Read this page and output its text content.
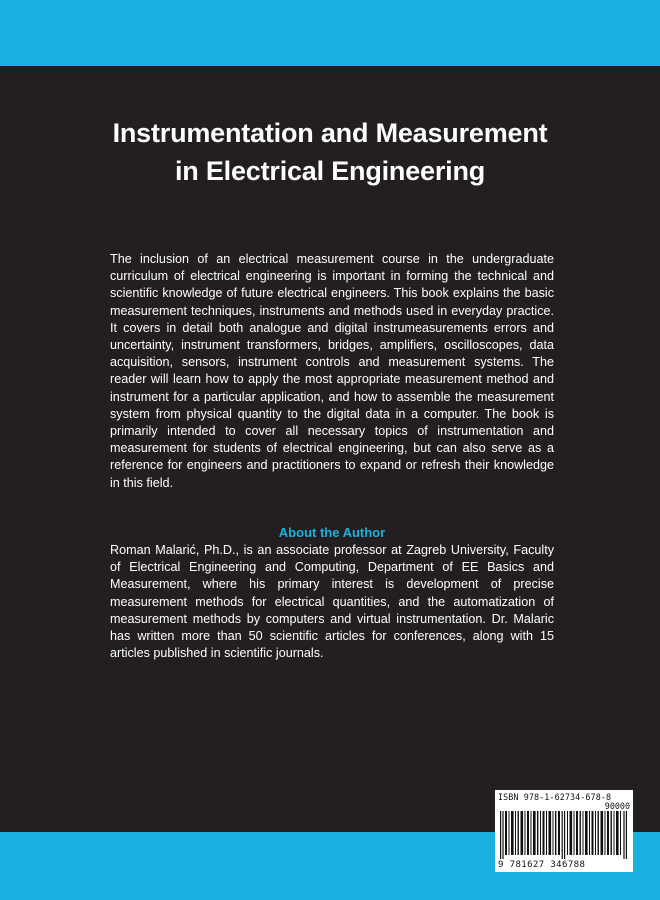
Instrumentation and Measurement
in Electrical Engineering

The inclusion of an electrical measurement course in the undergraduate curriculum of electrical engineering is important in forming the technical and scientific knowledge of future electrical engineers. This book explains the basic measurement techniques, instruments and methods used in everyday practice. It covers in detail both analogue and digital instrumeasurements errors and uncertainty, instrument transformers, bridges, amplifiers, oscilloscopes, data acquisition, sensors, instrument controls and measurement systems. The reader will learn how to apply the most appropriate measurement method and instrument for a particular application, and how to assemble the measurement system from physical quantity to the digital data in a computer. The book is primarily intended to cover all necessary topics of instrumentation and measurement for students of electrical engineering, but can also serve as a reference for engineers and practitioners to expand or refresh their knowledge in this field.

About the Author

Roman Malarić, Ph.D., is an associate professor at Zagreb University, Faculty of Electrical Engineering and Computing, Department of EE Basics and Measurement, where his primary interest is development of precise measurement methods for electrical quantities, and the automatization of measurement methods by computers and virtual instrumentation. Dr. Malaric has written more than 50 scientific articles for conferences, along with 15 articles published in scientific journals.

ISBN 978-1-62734-678-8
90000
9 781627 346788
